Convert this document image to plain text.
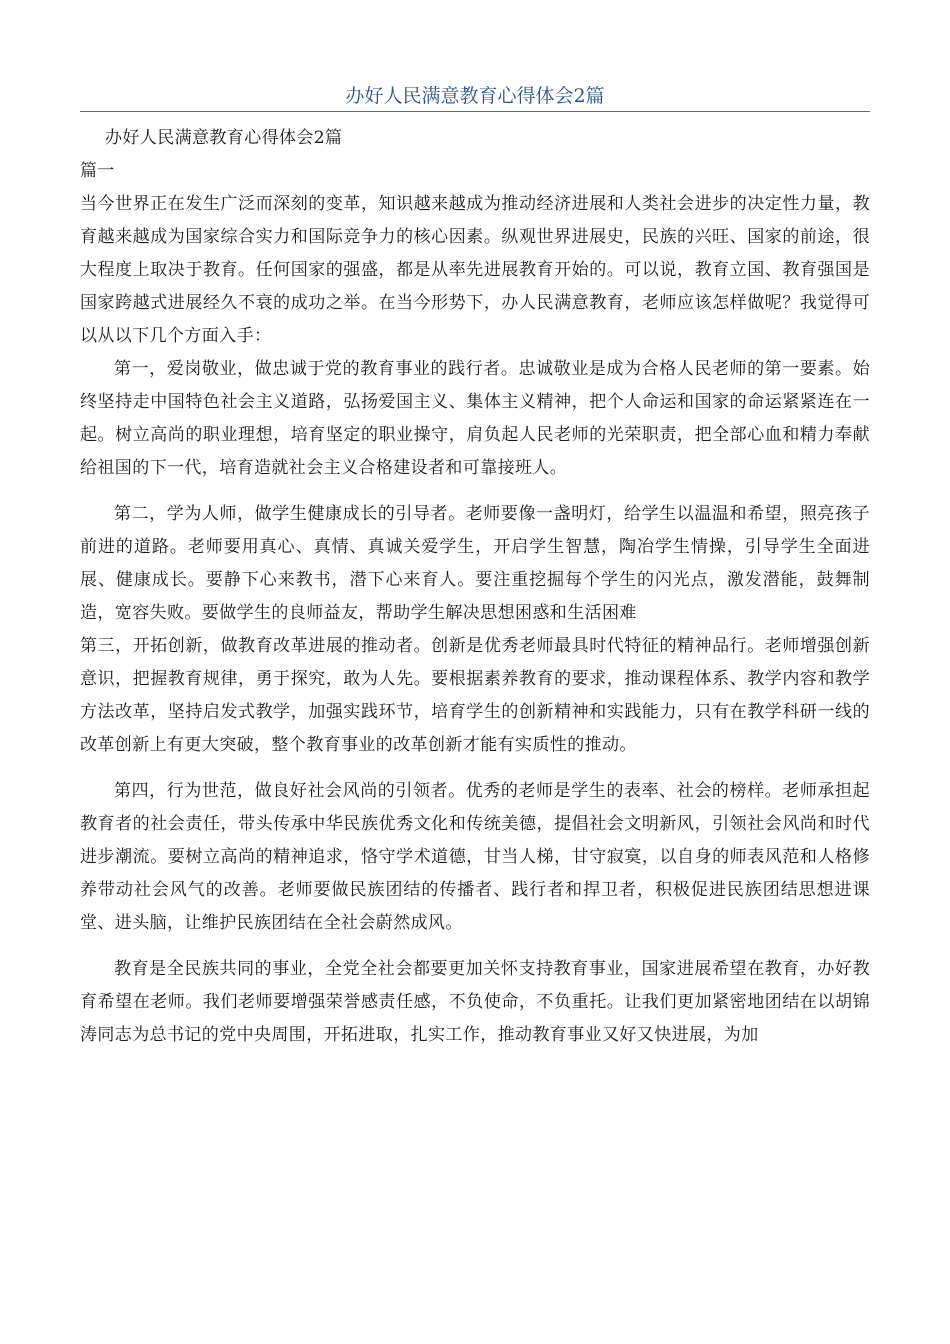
办好人民满意教育心得体会2篇

办好人民满意教育心得体会2篇

篇一

当今世界正在发生广泛而深刻的变革，知识越来越成为推动经济进展和人类社会进步的决定性力量，教育越来越成为国家综合实力和国际竞争力的核心因素。纵观世界进展史，民族的兴旺、国家的前途，很大程度上取决于教育。任何国家的强盛，都是从率先进展教育开始的。可以说，教育立国、教育强国是国家跨越式进展经久不衰的成功之举。在当今形势下，办人民满意教育，老师应该怎样做呢？我觉得可以从以下几个方面入手：

第一，爱岗敬业，做忠诚于党的教育事业的践行者。忠诚敬业是成为合格人民老师的第一要素。始终坚持走中国特色社会主义道路，弘扬爱国主义、集体主义精神，把个人命运和国家的命运紧紧连在一起。树立高尚的职业理想，培育坚定的职业操守，肩负起人民老师的光荣职责，把全部心血和精力奉献给祖国的下一代，培育造就社会主义合格建设者和可靠接班人。

第二，学为人师，做学生健康成长的引导者。老师要像一盏明灯，给学生以温温和希望，照亮孩子前进的道路。老师要用真心、真情、真诚关爱学生，开启学生智慧，陶冶学生情操，引导学生全面进展、健康成长。要静下心来教书，潜下心来育人。要注重挖掘每个学生的闪光点，激发潜能，鼓舞制造，宽容失败。要做学生的良师益友，帮助学生解决思想困惑和生活困难

第三，开拓创新，做教育改革进展的推动者。创新是优秀老师最具时代特征的精神品行。老师增强创新意识，把握教育规律，勇于探究，敢为人先。要根据素养教育的要求，推动课程体系、教学内容和教学方法改革，坚持启发式教学，加强实践环节，培育学生的创新精神和实践能力，只有在教学科研一线的改革创新上有更大突破，整个教育事业的改革创新才能有实质性的推动。

第四，行为世范，做良好社会风尚的引领者。优秀的老师是学生的表率、社会的榜样。老师承担起教育者的社会责任，带头传承中华民族优秀文化和传统美德，提倡社会文明新风，引领社会风尚和时代进步潮流。要树立高尚的精神追求，恪守学术道德，甘当人梯，甘守寂寞，以自身的师表风范和人格修养带动社会风气的改善。老师要做民族团结的传播者、践行者和捍卫者，积极促进民族团结思想进课堂、进头脑，让维护民族团结在全社会蔚然成风。

教育是全民族共同的事业，全党全社会都要更加关怀支持教育事业，国家进展希望在教育，办好教育希望在老师。我们老师要增强荣誉感责任感，不负使命，不负重托。让我们更加紧密地团结在以胡锦涛同志为总书记的党中央周围，开拓进取，扎实工作，推动教育事业又好又快进展，为加
